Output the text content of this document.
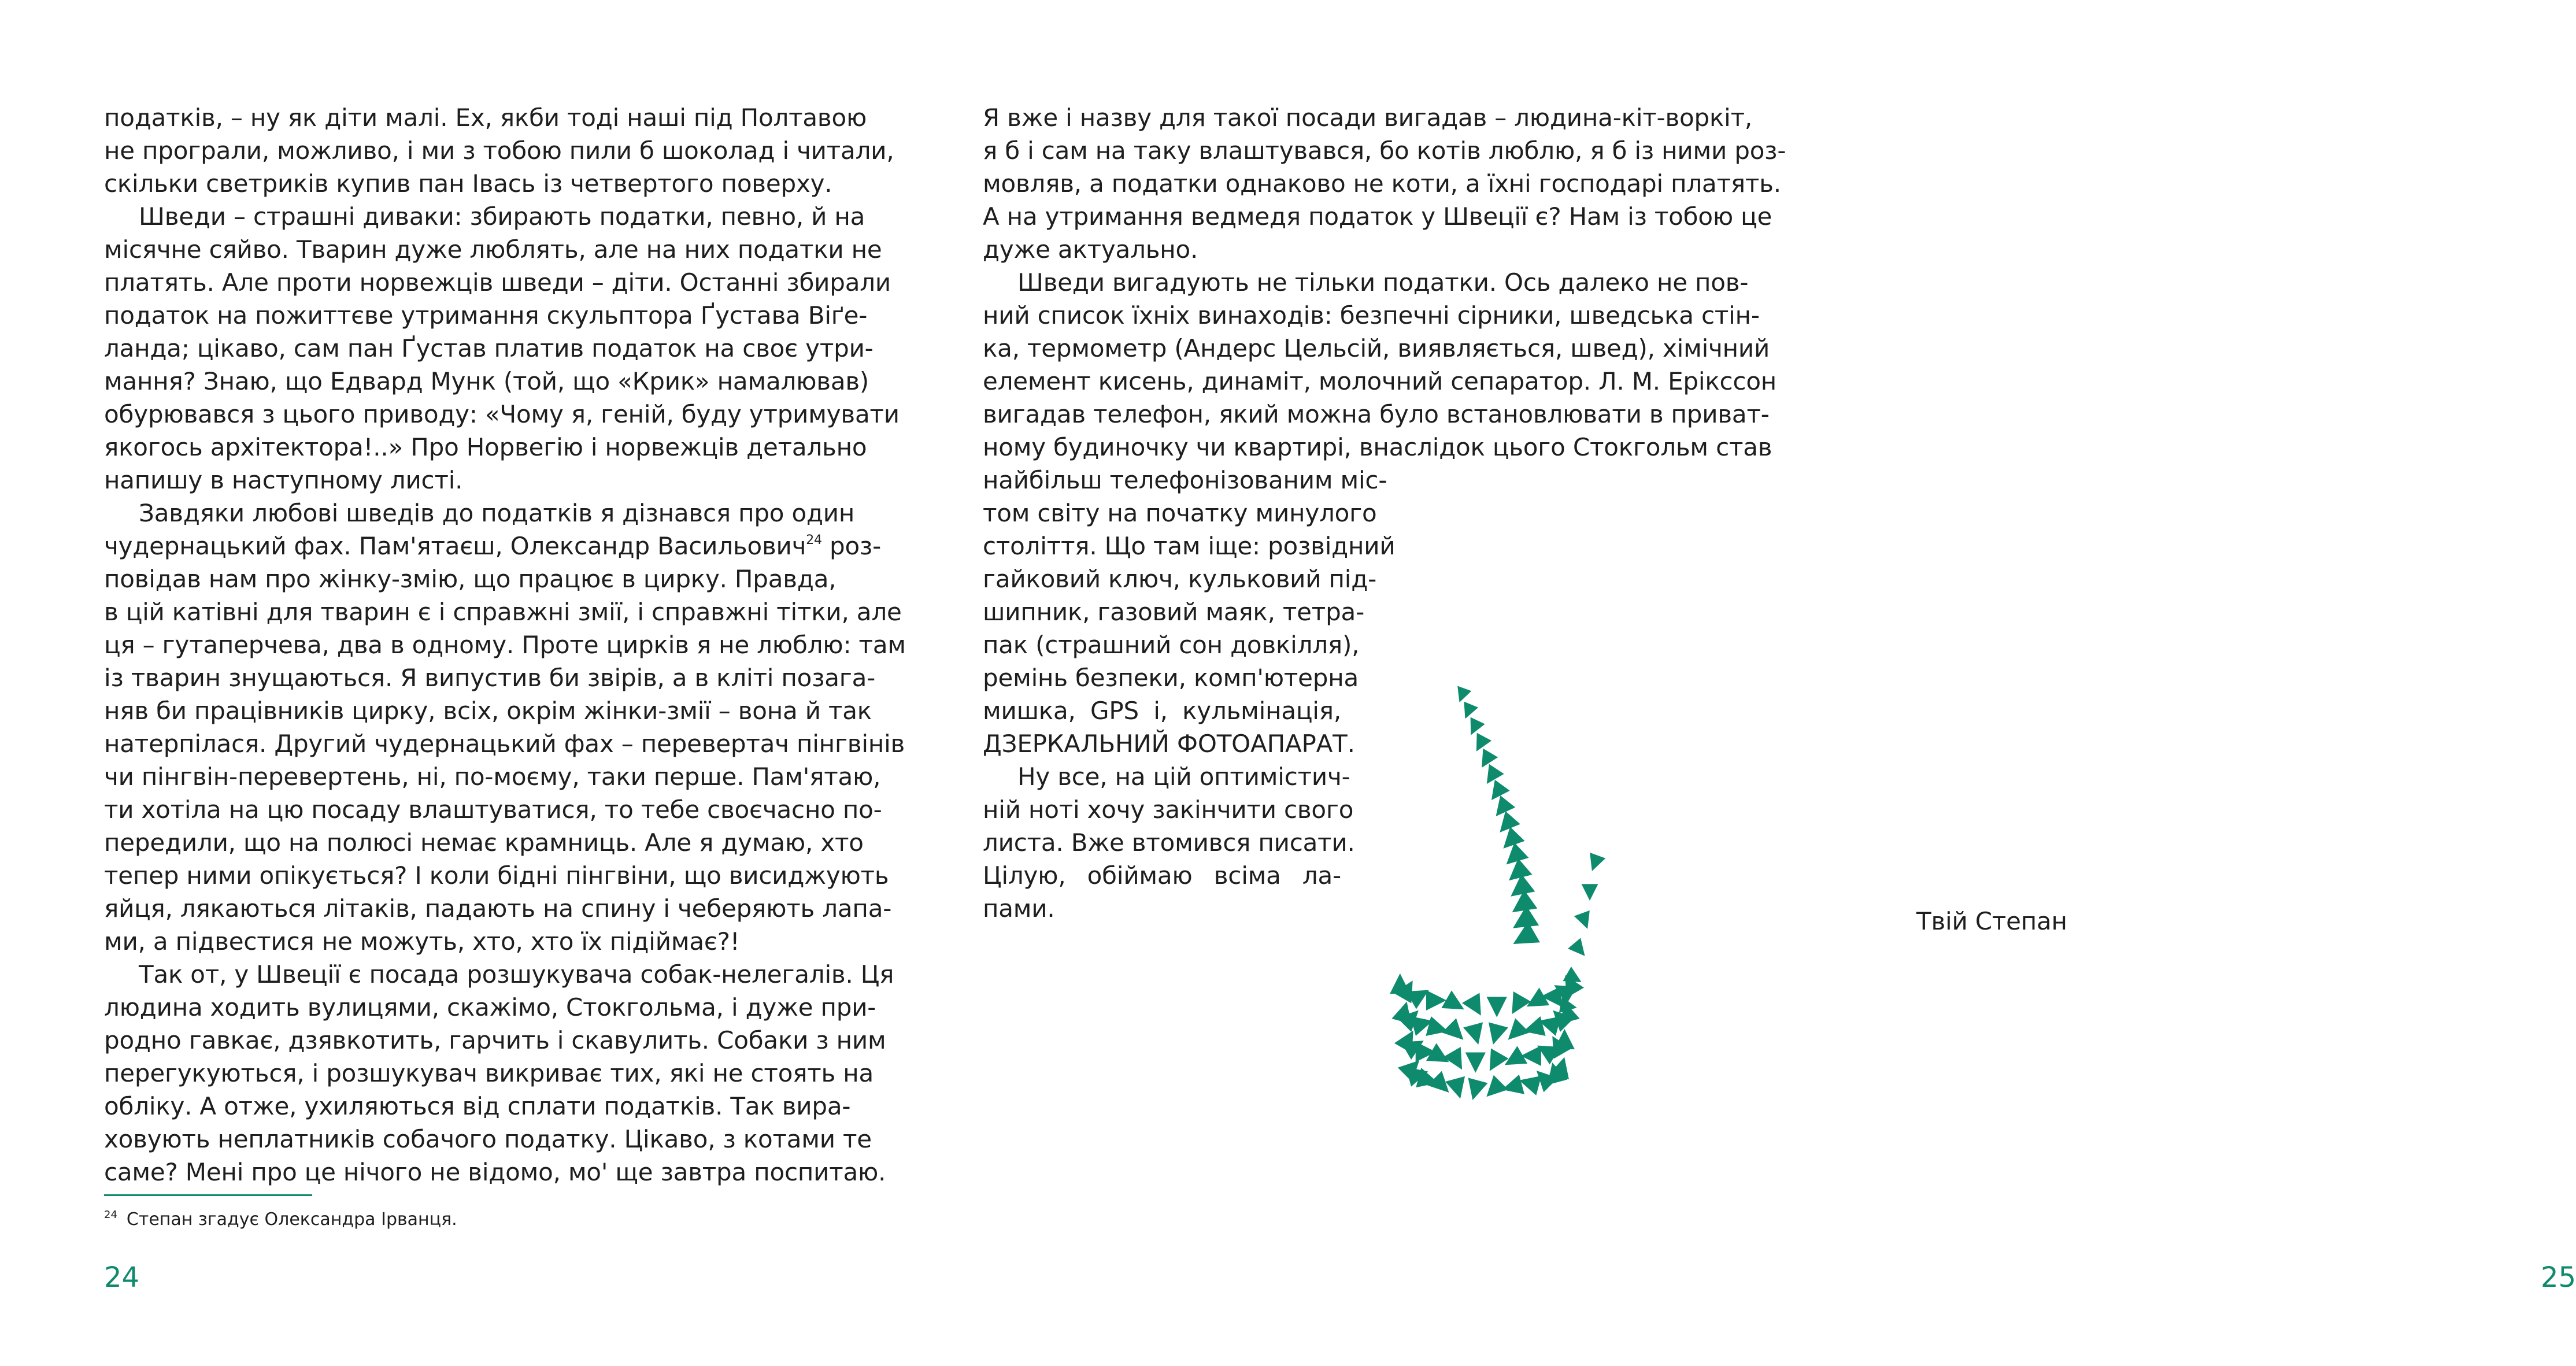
податків, – ну як діти малі. Ех, якби тоді наші під Полтавою
не програли, можливо, і ми з тобою пили б шоколад і читали,
скільки светриків купив пан Івась із четвертого поверху.
Шведи – страшні диваки: збирають податки, певно, й на
місячне сяйво. Тварин дуже люблять, але на них податки не
платять. Але проти норвежців шведи – діти. Останні збирали
податок на пожиттєве утримання скульптора Ґустава Віґе-
ланда; цікаво, сам пан Ґустав платив податок на своє утри-
мання? Знаю, що Едвард Мунк (той, що «Крик» намалював)
обурювався з цього приводу: «Чому я, геній, буду утримувати
якогось архітектора!..» Про Норвегію і норвежців детально
напишу в наступному листі.
Завдяки любові шведів до податків я дізнався про один
чудернацький фах. Пам'ятаєш, Олександр Васильович$^{24}$ роз-
повідав нам про жінку-змію, що працює в цирку. Правда,
в цій катівні для тварин є і справжні змії, і справжні тітки, але
ця – гутаперчева, два в одному. Проте цирків я не люблю: там
із тварин знущаються. Я випустив би звірів, а в кліті позага-
няв би працівників цирку, всіх, окрім жінки-змії – вона й так
натерпілася. Другий чудернацький фах – перевертач пінгвінів
чи пінгвін-перевертень, ні, по-моєму, таки перше. Пам'ятаю,
ти хотіла на цю посаду влаштуватися, то тебе своєчасно по-
передили, що на полюсі немає крамниць. Але я думаю, хто
тепер ними опікується? І коли бідні пінгвіни, що висиджують
яйця, лякаються літаків, падають на спину і чеберяють лапа-
ми, а підвестися не можуть, хто, хто їх підіймає?!
Так от, у Швеції є посада розшукувача собак-нелегалів. Ця
людина ходить вулицями, скажімо, Стокгольма, і дуже при-
родно гавкає, дзявкотить, гарчить і скавулить. Собаки з ним
перегукуються, і розшукувач викриває тих, які не стоять на
обліку. А отже, ухиляються від сплати податків. Так вира-
ховують неплатників собачого податку. Цікаво, з котами те
саме? Мені про це нічого не відомо, мо' ще завтра поспитаю.
$^{24}$ Степан згадує Олександра Ірванця.
24
Я вже і назву для такої посади вигадав – людина-кіт-воркіт,
я б і сам на таку влаштувався, бо котів люблю, я б із ними роз-
мовляв, а податки однаково не коти, а їхні господарі платять.
А на утримання ведмедя податок у Швеції є? Нам із тобою це
дуже актуально.
Шведи вигадують не тільки податки. Ось далеко не пов-
ний список їхніх винаходів: безпечні сірники, шведська стін-
ка, термометр (Андерс Цельсій, виявляється, швед), хімічний
елемент кисень, динаміт, молочний сепаратор. Л. М. Ерікссон
вигадав телефон, який можна було встановлювати в приват-
ному будиночку чи квартирі, внаслідок цього Стокгольм став
найбільш телефонізованим міс-
том світу на початку минулого
століття. Що там іще: розвідний
гайковий ключ, кульковий під-
шипник, газовий маяк, тетра-
пак (страшний сон довкілля),
ремінь безпеки, комп'ютерна
мишка, GPS і, кульмінація,
ДЗЕРКАЛЬНИЙ ФОТОАПАРАТ.
Ну все, на цій оптимістич-
ній ноті хочу закінчити свого
листа. Вже втомився писати.
Цілую, обіймаю всіма ла-
пами.	Твій Степан
25
